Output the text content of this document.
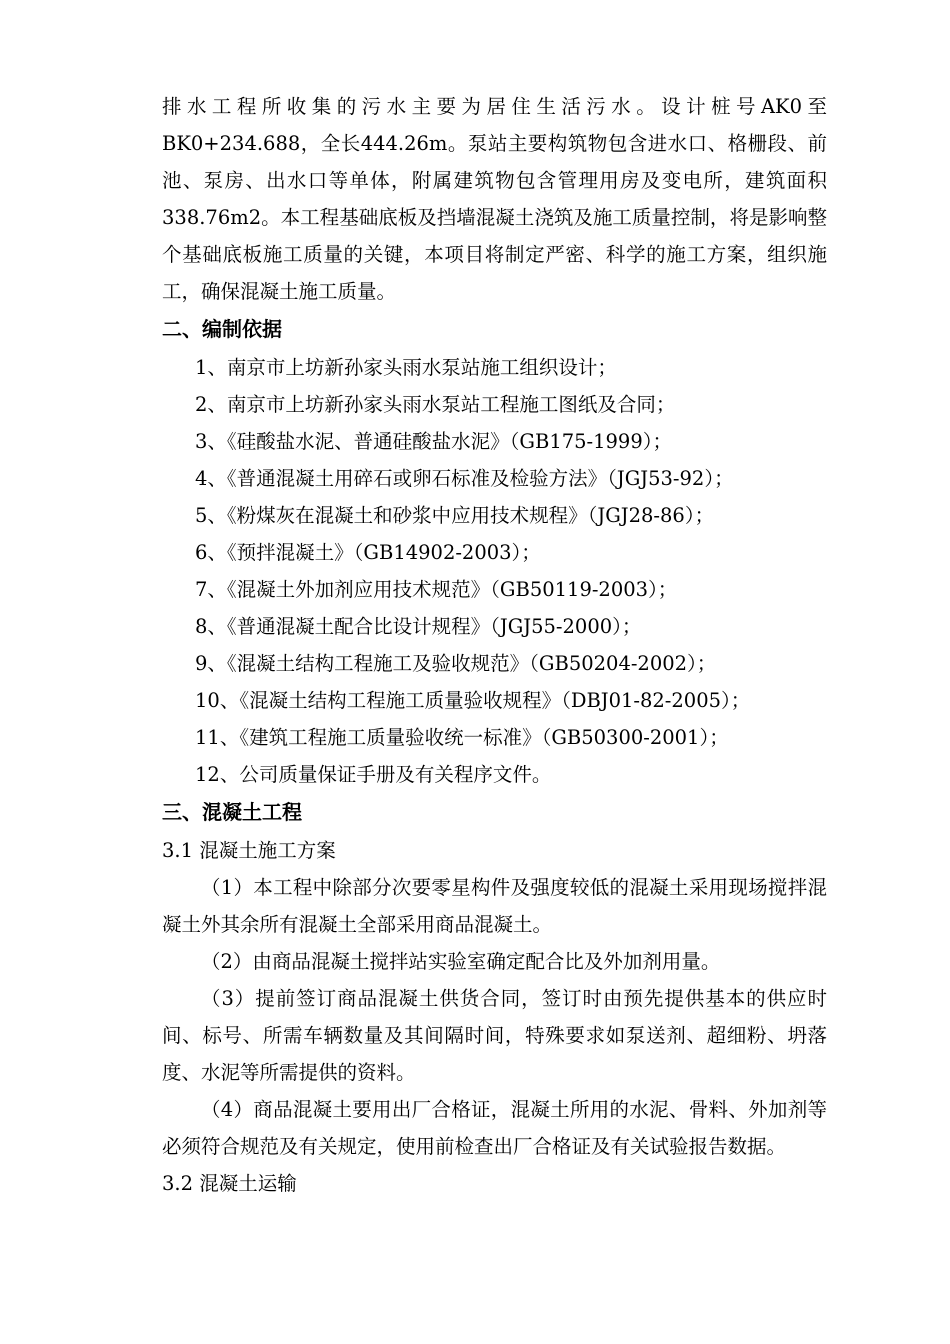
排水工程所收集的污水主要为居住生活污水。设计桩号AK0至BK0+234.688，全长444.26m。泵站主要构筑物包含进水口、格栅段、前池、泵房、出水口等单体，附属建筑物包含管理用房及变电所，建筑面积338.76m2。本工程基础底板及挡墙混凝土浇筑及施工质量控制，将是影响整个基础底板施工质量的关键，本项目将制定严密、科学的施工方案，组织施工，确保混凝土施工质量。

二、编制依据
1、南京市上坊新孙家头雨水泵站施工组织设计；
2、南京市上坊新孙家头雨水泵站工程施工图纸及合同；
3、《硅酸盐水泥、普通硅酸盐水泥》（GB175-1999）；
4、《普通混凝土用碎石或卵石标准及检验方法》（JGJ53-92）；
5、《粉煤灰在混凝土和砂浆中应用技术规程》（JGJ28-86）；
6、《预拌混凝土》（GB14902-2003）；
7、《混凝土外加剂应用技术规范》（GB50119-2003）；
8、《普通混凝土配合比设计规程》（JGJ55-2000）；
9、《混凝土结构工程施工及验收规范》（GB50204-2002）；
10、《混凝土结构工程施工质量验收规程》（DBJ01-82-2005）；
11、《建筑工程施工质量验收统一标准》（GB50300-2001）；
12、公司质量保证手册及有关程序文件。
三、混凝土工程

3.1 混凝土施工方案

（1）本工程中除部分次要零星构件及强度较低的混凝土采用现场搅拌混凝土外其余所有混凝土全部采用商品混凝土。

（2）由商品混凝土搅拌站实验室确定配合比及外加剂用量。

（3）提前签订商品混凝土供货合同，签订时由预先提供基本的供应时间、标号、所需车辆数量及其间隔时间，特殊要求如泵送剂、超细粉、坍落度、水泥等所需提供的资料。

（4）商品混凝土要用出厂合格证，混凝土所用的水泥、骨料、外加剂等必须符合规范及有关规定，使用前检查出厂合格证及有关试验报告数据。

3.2 混凝土运输
